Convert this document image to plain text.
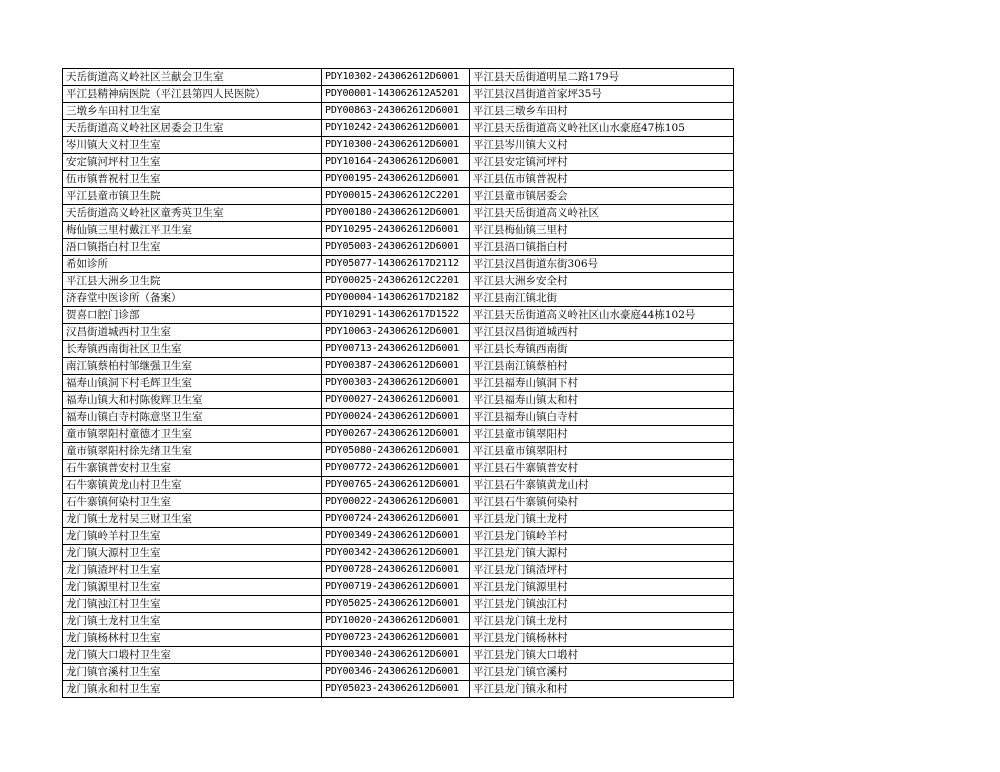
天岳街道高义岭社区兰献会卫生室	PDY10302-243062612D6001	平江县天岳街道明星二路179号
平江县精神病医院（平江县第四人民医院）	PDY00001-143062612A5201	平江县汉昌街道首家坪35号
三墩乡车田村卫生室	PDY00863-243062612D6001	平江县三墩乡车田村
天岳街道高义岭社区居委会卫生室	PDY10242-243062612D6001	平江县天岳街道高义岭社区山水豪庭47栋105
岑川镇大义村卫生室	PDY10300-243062612D6001	平江县岑川镇大义村
安定镇河坪村卫生室	PDY10164-243062612D6001	平江县安定镇河坪村
伍市镇普祝村卫生室	PDY00195-243062612D6001	平江县伍市镇普祝村
平江县童市镇卫生院	PDY00015-243062612C2201	平江县童市镇居委会
天岳街道高义岭社区童秀英卫生室	PDY00180-243062612D6001	平江县天岳街道高义岭社区
梅仙镇三里村戴江平卫生室	PDY10295-243062612D6001	平江县梅仙镇三里村
浯口镇指白村卫生室	PDY05003-243062612D6001	平江县浯口镇指白村
希如诊所	PDY05077-143062617D2112	平江县汉昌街道东街306号
平江县大洲乡卫生院	PDY00025-243062612C2201	平江县大洲乡安全村
济春堂中医诊所（备案）	PDY00004-143062617D2182	平江县南江镇北街
贺喜口腔门诊部	PDY10291-143062617D1522	平江县天岳街道高义岭社区山水豪庭44栋102号
汉昌街道城西村卫生室	PDY10063-243062612D6001	平江县汉昌街道城西村
长寿镇西南街社区卫生室	PDY00713-243062612D6001	平江县长寿镇西南街
南江镇蔡柏村邹继强卫生室	PDY00387-243062612D6001	平江县南江镇蔡柏村
福寿山镇洞下村毛辉卫生室	PDY00303-243062612D6001	平江县福寿山镇洞下村
福寿山镇大和村陈俊辉卫生室	PDY00027-243062612D6001	平江县福寿山镇太和村
福寿山镇白寺村陈意坚卫生室	PDY00024-243062612D6001	平江县福寿山镇白寺村
童市镇翠阳村童德才卫生室	PDY00267-243062612D6001	平江县童市镇翠阳村
童市镇翠阳村徐先绪卫生室	PDY05080-243062612D6001	平江县童市镇翠阳村
石牛寨镇普安村卫生室	PDY00772-243062612D6001	平江县石牛寨镇普安村
石牛寨镇黄龙山村卫生室	PDY00765-243062612D6001	平江县石牛寨镇黄龙山村
石牛寨镇何染村卫生室	PDY00022-243062612D6001	平江县石牛寨镇何染村
龙门镇土龙村吴三财卫生室	PDY00724-243062612D6001	平江县龙门镇土龙村
龙门镇岭羊村卫生室	PDY00349-243062612D6001	平江县龙门镇岭羊村
龙门镇大源村卫生室	PDY00342-243062612D6001	平江县龙门镇大源村
龙门镇渣坪村卫生室	PDY00728-243062612D6001	平江县龙门镇渣坪村
龙门镇源里村卫生室	PDY00719-243062612D6001	平江县龙门镇源里村
龙门镇浊江村卫生室	PDY05025-243062612D6001	平江县龙门镇浊江村
龙门镇土龙村卫生室	PDY10020-243062612D6001	平江县龙门镇土龙村
龙门镇杨林村卫生室	PDY00723-243062612D6001	平江县龙门镇杨林村
龙门镇大口塅村卫生室	PDY00340-243062612D6001	平江县龙门镇大口塅村
龙门镇官溪村卫生室	PDY00346-243062612D6001	平江县龙门镇官溪村
龙门镇永和村卫生室	PDY05023-243062612D6001	平江县龙门镇永和村
